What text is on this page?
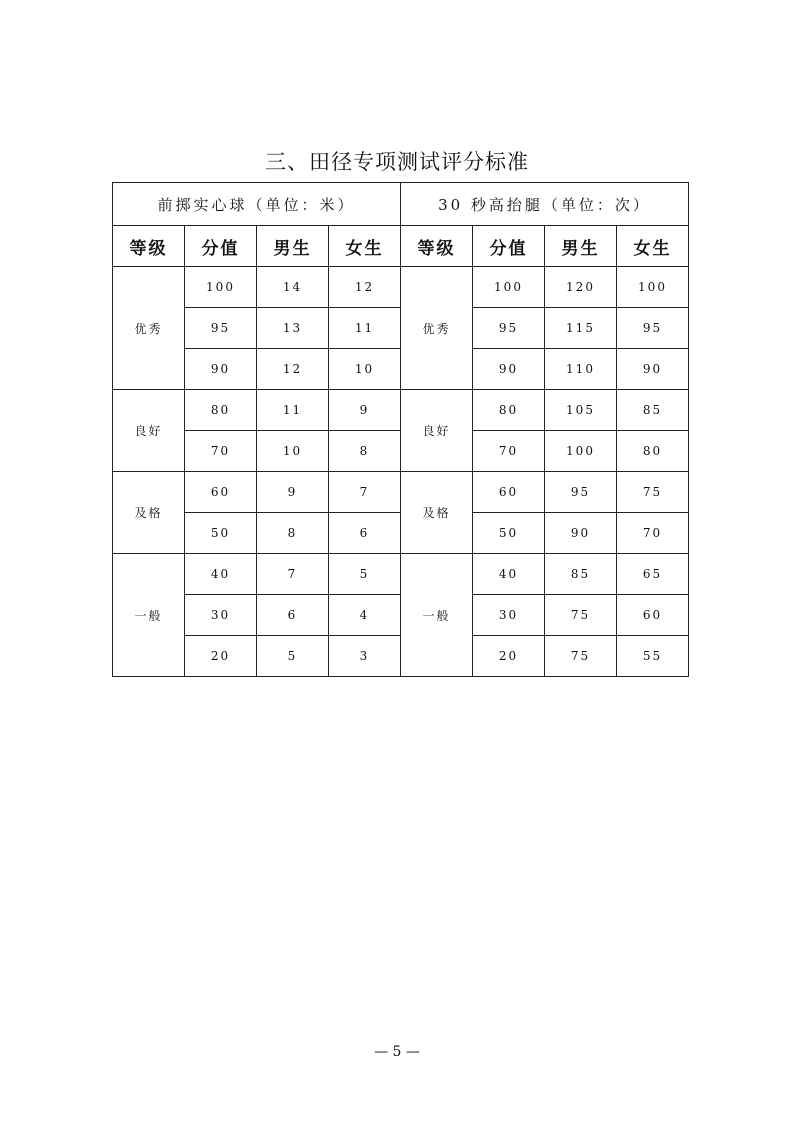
三、田径专项测试评分标准
前掷实心球（单位：米）				30 秒高抬腿（单位：次）			
等级	分值	男生	女生	等级	分值	男生	女生
优秀	100	14	12	优秀	100	120	100
	95	13	11		95	115	95
	90	12	10		90	110	90
良好	80	11	9	良好	80	105	85
	70	10	8		70	100	80
及格	60	9	7	及格	60	95	75
	50	8	6		50	90	70
一般	40	7	5	一般	40	85	65
	30	6	4		30	75	60
	20	5	3		20	75	55
— 5 —
